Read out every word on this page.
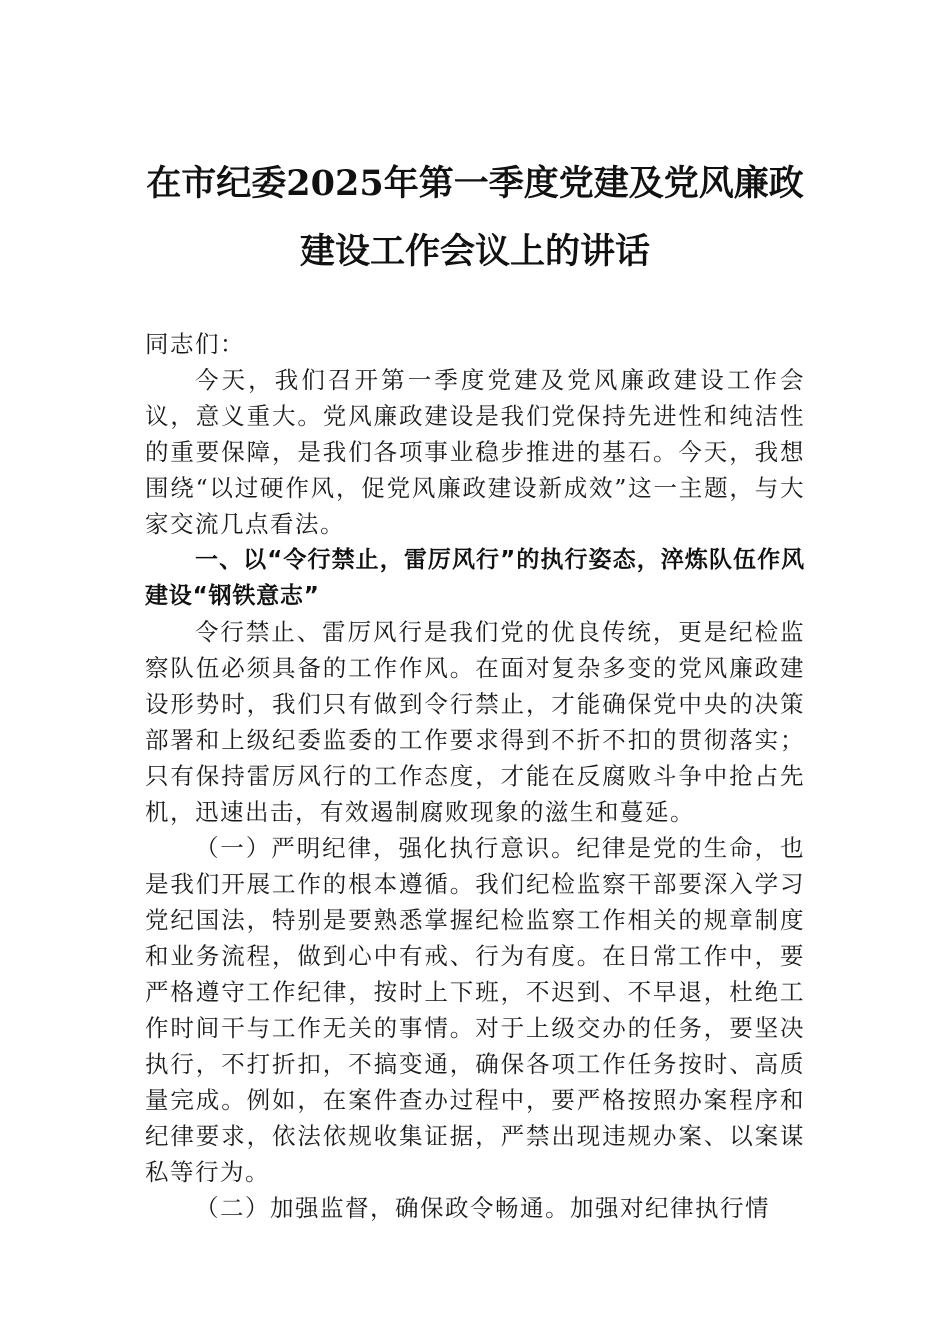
在市纪委2025年第一季度党建及党风廉政
建设工作会议上的讲话

同志们：

今天，我们召开第一季度党建及党风廉政建设工作会议，意义重大。党风廉政建设是我们党保持先进性和纯洁性的重要保障，是我们各项事业稳步推进的基石。今天，我想围绕“以过硬作风，促党风廉政建设新成效”这一主题，与大家交流几点看法。

一、以“令行禁止，雷厉风行”的执行姿态，淬炼队伍作风建设“钢铁意志”

令行禁止、雷厉风行是我们党的优良传统，更是纪检监察队伍必须具备的工作作风。在面对复杂多变的党风廉政建设形势时，我们只有做到令行禁止，才能确保党中央的决策部署和上级纪委监委的工作要求得到不折不扣的贯彻落实；只有保持雷厉风行的工作态度，才能在反腐败斗争中抢占先机，迅速出击，有效遏制腐败现象的滋生和蔓延。

（一）严明纪律，强化执行意识。纪律是党的生命，也是我们开展工作的根本遵循。我们纪检监察干部要深入学习党纪国法，特别是要熟悉掌握纪检监察工作相关的规章制度和业务流程，做到心中有戒、行为有度。在日常工作中，要严格遵守工作纪律，按时上下班，不迟到、不早退，杜绝工作时间干与工作无关的事情。对于上级交办的任务，要坚决执行，不打折扣，不搞变通，确保各项工作任务按时、高质量完成。例如，在案件查办过程中，要严格按照办案程序和纪律要求，依法依规收集证据，严禁出现违规办案、以案谋私等行为。

（二）加强监督，确保政令畅通。加强对纪律执行情
